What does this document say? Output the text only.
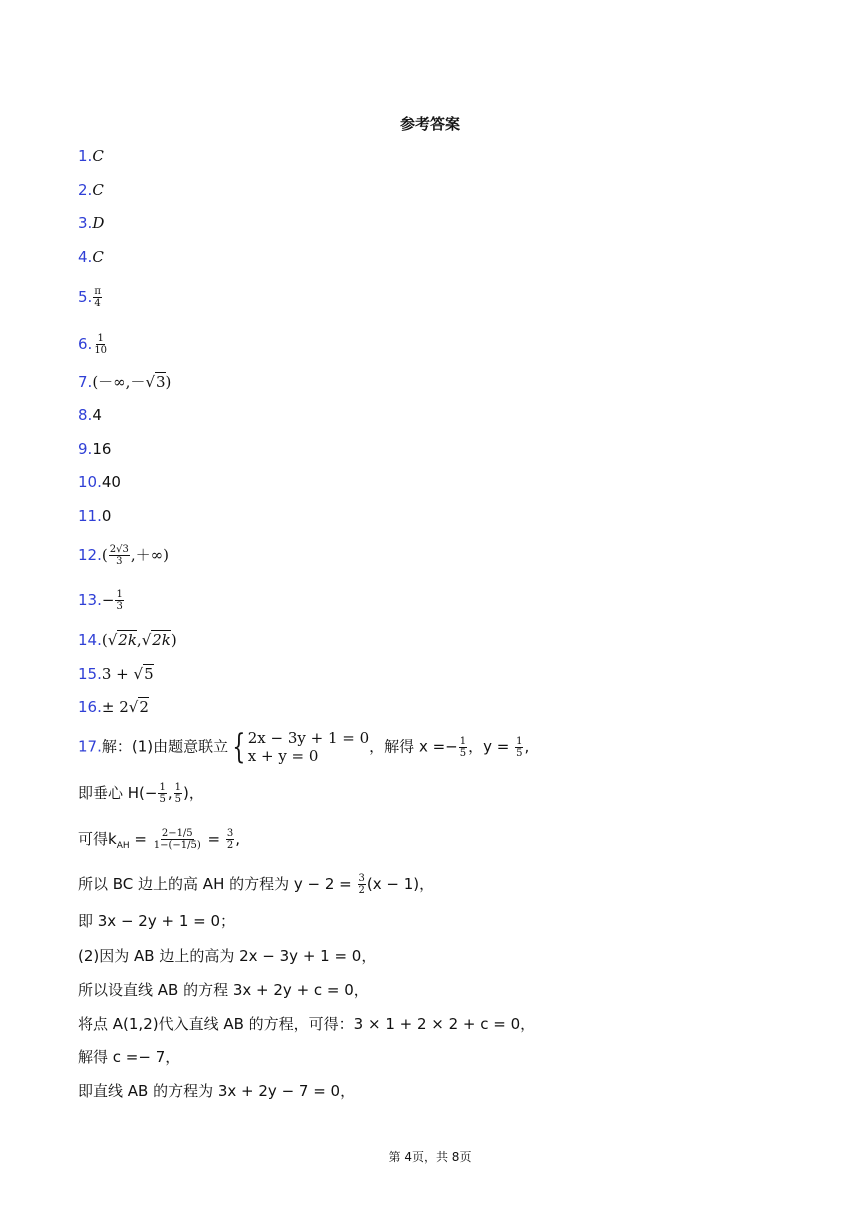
参考答案
1.C
2.C
3.D
4.C
5. $\frac{\pi}{4}$
6. $\frac{1}{10}$
7.(－∞,－√3)
8.4
9.16
10.40
11.0
$12.( \frac{2√3}{3}$ ,＋∞)
$13.- \frac{1}{3}$
14.(√2k,√2k)
15.3 + √5
16.± 2√2
17.解：(1)由题意联立 { 2x − 3y + 1 = 0
x + y = 0
，解得 $x =- \frac{1}{5}$ ，$y = \frac{1}{5}$ ,
即垂心 $H(- \frac{1}{5}$ , $\frac{1}{5}$ )，
可得$k_{AH} = \frac{2-1/5}{1-(-1/5)} = \frac{3}{2}$ ,
所以 BC 边上的高 AH 的方程为 $y - 2 = \frac{3}{2} (x - 1)$，
即 3x − 2y + 1 = 0；
(2)因为 AB 边上的高为 2x − 3y + 1 = 0，
所以设直线 AB 的方程 3x + 2y + c = 0，
将点 A(1,2)代入直线 AB 的方程，可得：3 × 1 + 2 × 2 + c = 0，
解得 c =− 7，
即直线 AB 的方程为 3x + 2y − 7 = 0，
第 4页，共 8页
